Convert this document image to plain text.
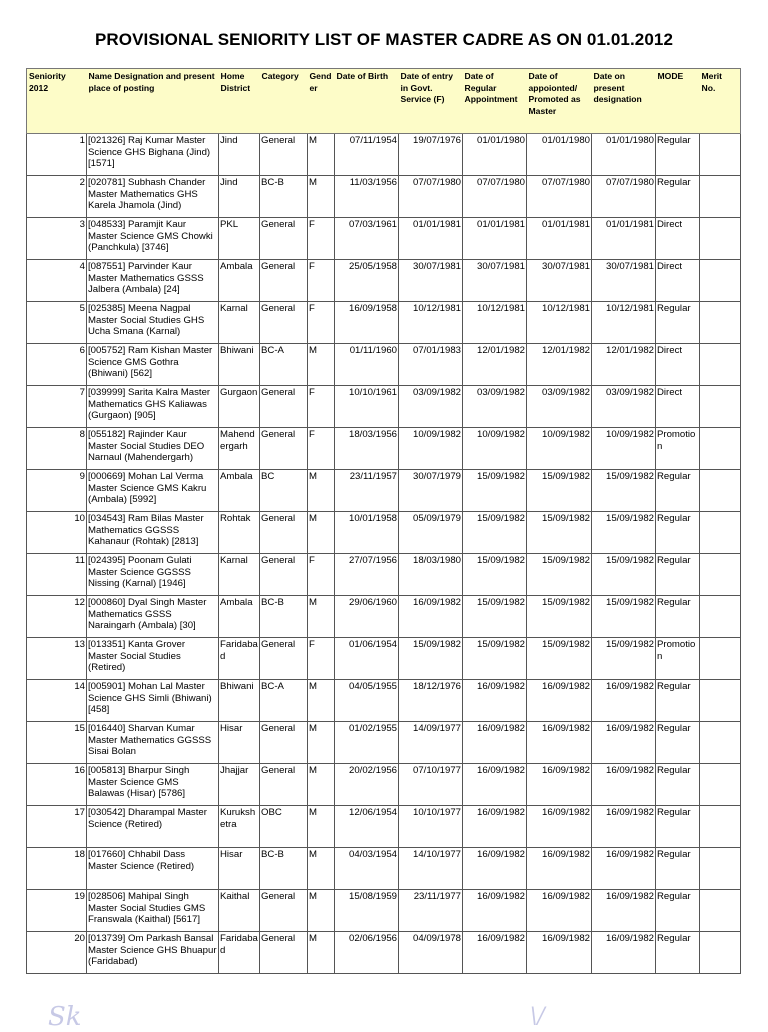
PROVISIONAL SENIORITY LIST OF MASTER CADRE AS ON 01.01.2012
Seniority 2012	Name Designation and present place of posting	Home District	Category	Gend er	Date of Birth	Date of entry in Govt. Service (F)	Date of Regular Appointment	Date of appoionted/ Promoted as Master	Date on present designation	MODE	Merit No.

1	[021326] Raj Kumar Master Science GHS Bighana (Jind) [1571]	Jind	General	M	07/11/1954	19/07/1976	01/01/1980	01/01/1980	01/01/1980	Regular	

2	[020781] Subhash Chander Master Mathematics GHS Karela Jhamola (Jind)	Jind	BC-B	M	11/03/1956	07/07/1980	07/07/1980	07/07/1980	07/07/1980	Regular	

3	[048533] Paramjit Kaur Master Science GMS Chowki (Panchkula) [3746]	PKL	General	F	07/03/1961	01/01/1981	01/01/1981	01/01/1981	01/01/1981	Direct	

4	[087551] Parvinder Kaur Master Mathematics GSSS Jalbera (Ambala) [24]	Ambala	General	F	25/05/1958	30/07/1981	30/07/1981	30/07/1981	30/07/1981	Direct	

5	[025385] Meena Nagpal Master Social Studies GHS Ucha Smana (Karnal)	Karnal	General	F	16/09/1958	10/12/1981	10/12/1981	10/12/1981	10/12/1981	Regular	

6	[005752] Ram Kishan Master Science GMS Gothra (Bhiwani) [562]	Bhiwani	BC-A	M	01/11/1960	07/01/1983	12/01/1982	12/01/1982	12/01/1982	Direct	

7	[039999] Sarita Kalra Master Mathematics GHS Kaliawas (Gurgaon) [905]	Gurgaon	General	F	10/10/1961	03/09/1982	03/09/1982	03/09/1982	03/09/1982	Direct	

8	[055182] Rajinder Kaur Master Social Studies DEO Narnaul (Mahendergarh)	Mahendergarh	General	F	18/03/1956	10/09/1982	10/09/1982	10/09/1982	10/09/1982	Promotion	

9	[000669] Mohan Lal Verma Master Science GMS Kakru (Ambala) [5992]	Ambala	BC	M	23/11/1957	30/07/1979	15/09/1982	15/09/1982	15/09/1982	Regular	

10	[034543] Ram Bilas Master Mathematics GGSSS Kahanaur (Rohtak) [2813]	Rohtak	General	M	10/01/1958	05/09/1979	15/09/1982	15/09/1982	15/09/1982	Regular	

11	[024395] Poonam Gulati Master Science GGSSS Nissing (Karnal) [1946]	Karnal	General	F	27/07/1956	18/03/1980	15/09/1982	15/09/1982	15/09/1982	Regular	

12	[000860] Dyal Singh Master Mathematics GSSS Naraingarh (Ambala) [30]	Ambala	BC-B	M	29/06/1960	16/09/1982	15/09/1982	15/09/1982	15/09/1982	Regular	

13	[013351] Kanta Grover Master Social Studies (Retired)	Faridabad	General	F	01/06/1954	15/09/1982	15/09/1982	15/09/1982	15/09/1982	Promotion	

14	[005901] Mohan Lal Master Science GHS Simli (Bhiwani) [458]	Bhiwani	BC-A	M	04/05/1955	18/12/1976	16/09/1982	16/09/1982	16/09/1982	Regular	

15	[016440] Sharvan Kumar Master Mathematics GGSSS Sisai Bolan	Hisar	General	M	01/02/1955	14/09/1977	16/09/1982	16/09/1982	16/09/1982	Regular	

16	[005813] Bharpur Singh Master Science GMS Balawas (Hisar) [5786]	Jhajjar	General	M	20/02/1956	07/10/1977	16/09/1982	16/09/1982	16/09/1982	Regular	

17	[030542] Dharampal Master Science (Retired)	Kurukshetra	OBC	M	12/06/1954	10/10/1977	16/09/1982	16/09/1982	16/09/1982	Regular	

18	[017660] Chhabil Dass Master Science (Retired)	Hisar	BC-B	M	04/03/1954	14/10/1977	16/09/1982	16/09/1982	16/09/1982	Regular	

19	[028506] Mahipal Singh Master Social Studies GMS Franswala (Kaithal) [5617]	Kaithal	General	M	15/08/1959	23/11/1977	16/09/1982	16/09/1982	16/09/1982	Regular	

20	[013739] Om Parkash Bansal Master Science GHS Bhuapur (Faridabad)	Faridabad	General	M	02/06/1956	04/09/1978	16/09/1982	16/09/1982	16/09/1982	Regular	

Sk	\/
